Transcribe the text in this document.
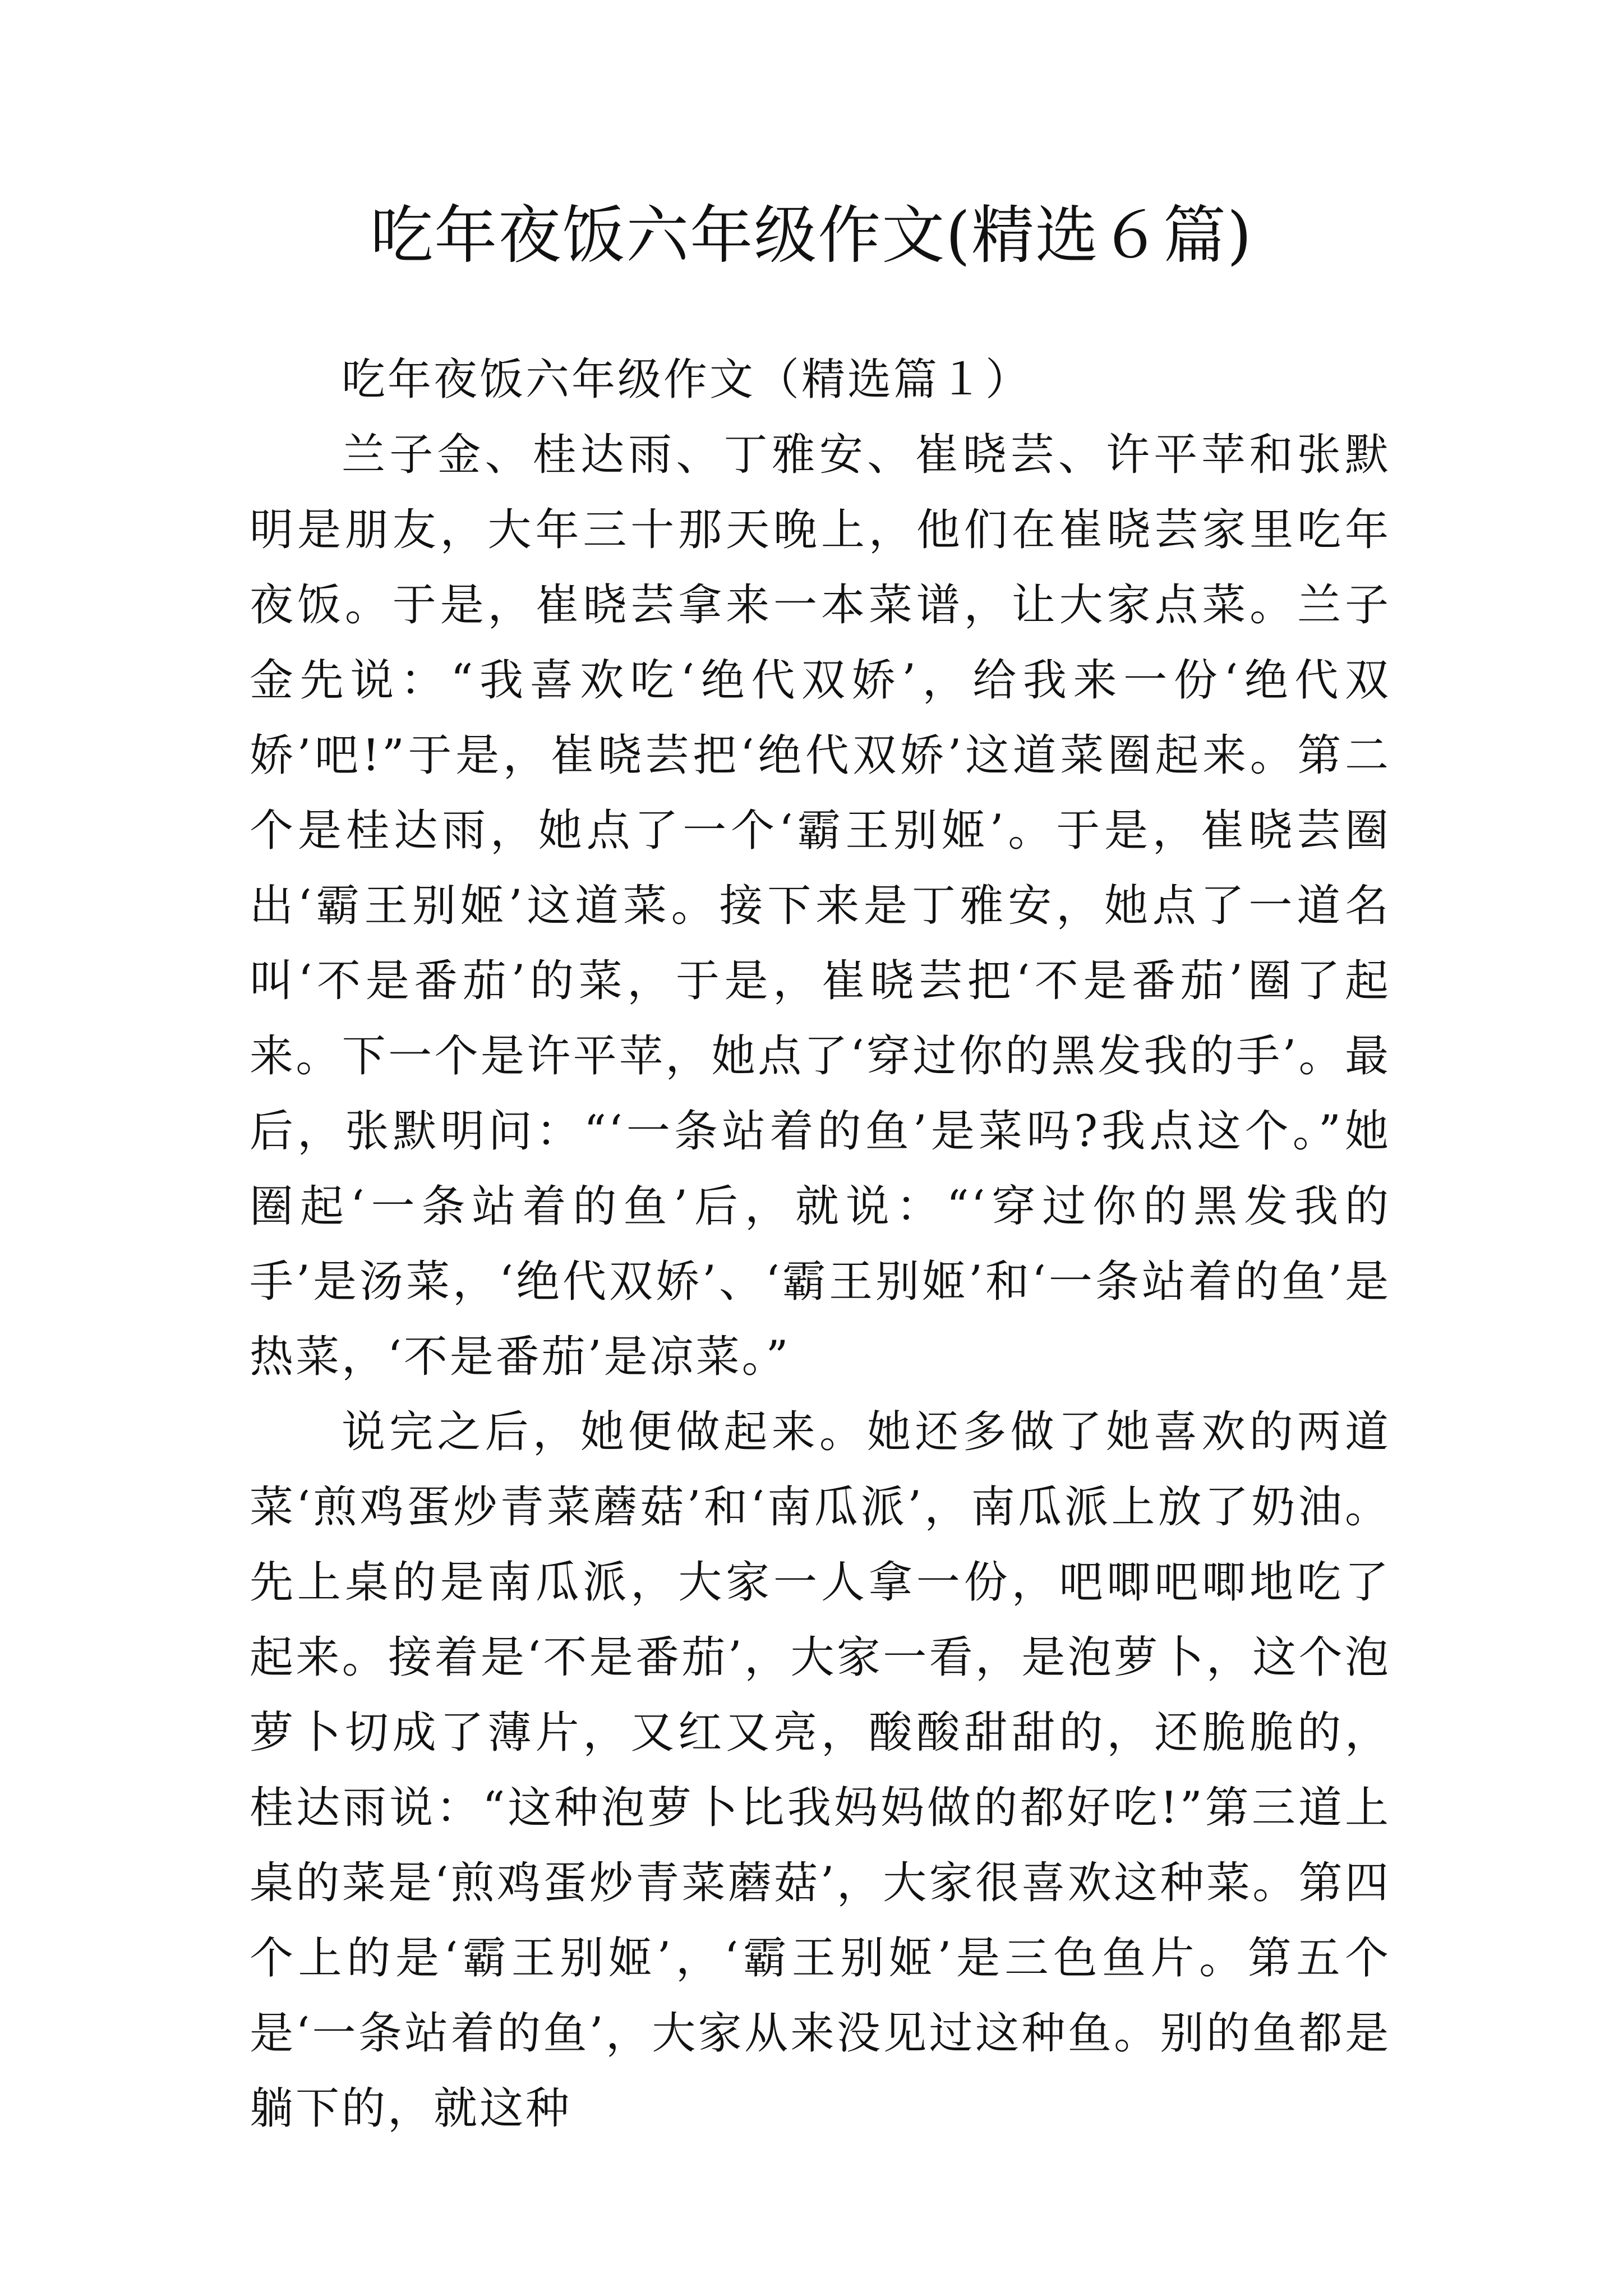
吃年夜饭六年级作文(精选６篇)

吃年夜饭六年级作文（精选篇１）

兰子金、桂达雨、丁雅安、崔晓芸、许平苹和张默明是朋友，大年三十那天晚上，他们在崔晓芸家里吃年夜饭。于是，崔晓芸拿来一本菜谱，让大家点菜。兰子金先说：“我喜欢吃‘绝代双娇’，给我来一份‘绝代双娇’吧!”于是，崔晓芸把‘绝代双娇’这道菜圈起来。第二个是桂达雨，她点了一个‘霸王别姬’。于是，崔晓芸圈出‘霸王别姬’这道菜。接下来是丁雅安，她点了一道名叫‘不是番茄’的菜，于是，崔晓芸把‘不是番茄’圈了起来。下一个是许平苹，她点了‘穿过你的黑发我的手’。最后，张默明问：“‘一条站着的鱼’是菜吗?我点这个。”她圈起‘一条站着的鱼’后，就说：“‘穿过你的黑发我的手’是汤菜，‘绝代双娇’、‘霸王别姬’和‘一条站着的鱼’是热菜，‘不是番茄’是凉菜。”

说完之后，她便做起来。她还多做了她喜欢的两道菜‘煎鸡蛋炒青菜蘑菇’和‘南瓜派’，南瓜派上放了奶油。先上桌的是南瓜派，大家一人拿一份，吧唧吧唧地吃了起来。接着是‘不是番茄’，大家一看，是泡萝卜，这个泡萝卜切成了薄片，又红又亮，酸酸甜甜的，还脆脆的，桂达雨说：“这种泡萝卜比我妈妈做的都好吃!”第三道上桌的菜是‘煎鸡蛋炒青菜蘑菇’，大家很喜欢这种菜。第四个上的是‘霸王别姬’，‘霸王别姬’是三色鱼片。第五个是‘一条站着的鱼’，大家从来没见过这种鱼。别的鱼都是躺下的，就这种
